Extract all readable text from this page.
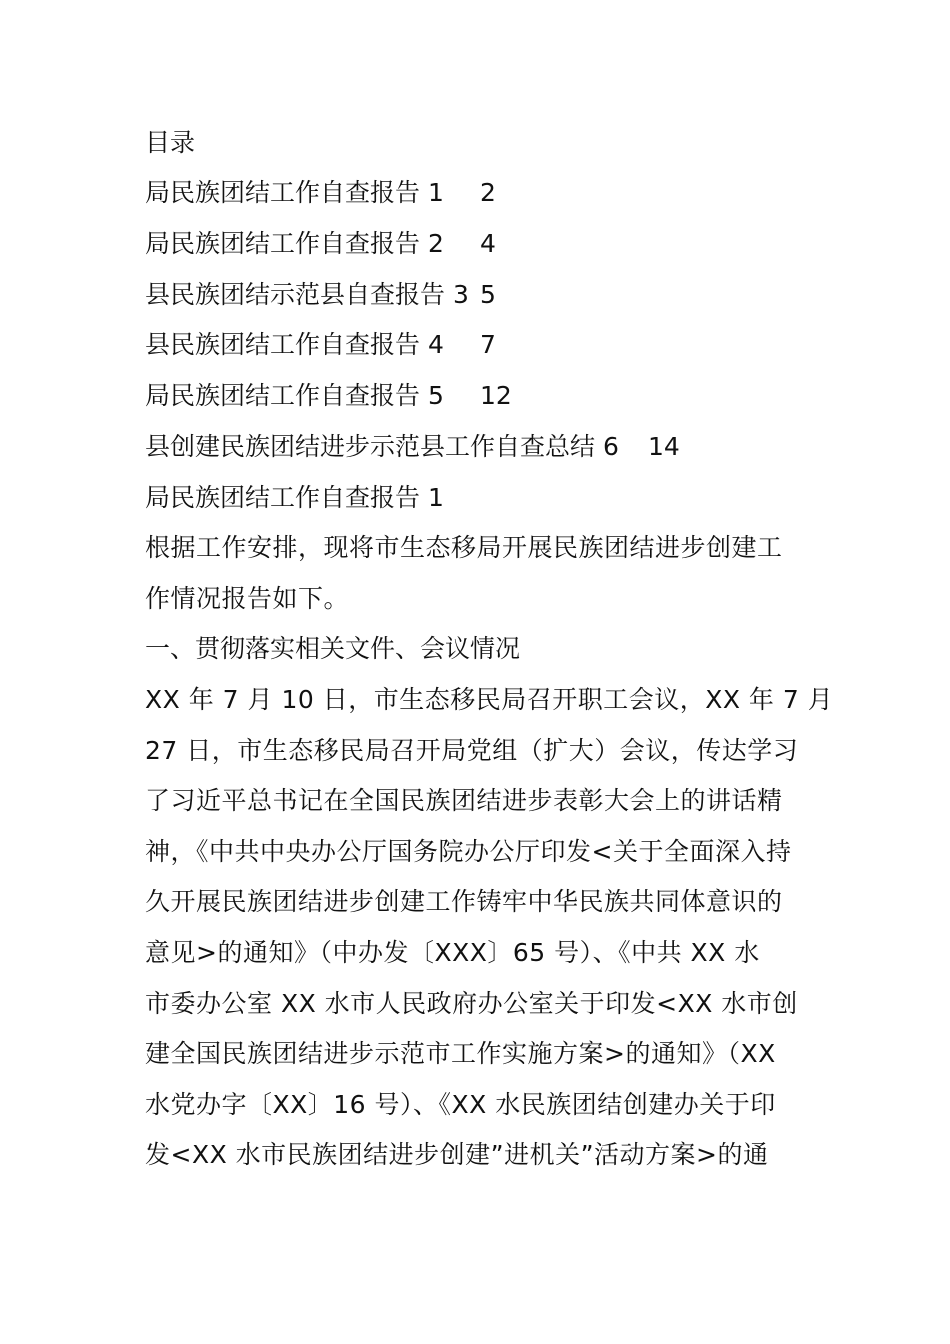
目录
局民族团结工作自查报告 1 2
局民族团结工作自查报告 2 4
县民族团结示范县自查报告 3 5
县民族团结工作自查报告 4 7
局民族团结工作自查报告 5 12
县创建民族团结进步示范县工作自查总结 6 14
局民族团结工作自查报告 1
根据工作安排，现将市生态移局开展民族团结进步创建工
作情况报告如下。
一、贯彻落实相关文件、会议情况
XX 年 7 月 10 日，市生态移民局召开职工会议，XX 年 7 月
27 日，市生态移民局召开局党组（扩大）会议，传达学习
了习近平总书记在全国民族团结进步表彰大会上的讲话精
神，《中共中央办公厅国务院办公厅印发<关于全面深入持
久开展民族团结进步创建工作铸牢中华民族共同体意识的
意见>的通知》（中办发〔XXX〕65 号）、《中共 XX 水
市委办公室 XX 水市人民政府办公室关于印发<XX 水市创
建全国民族团结进步示范市工作实施方案>的通知》（XX
水党办字〔XX〕16 号）、《XX 水民族团结创建办关于印
发<XX 水市民族团结进步创建”进机关”活动方案>的通
